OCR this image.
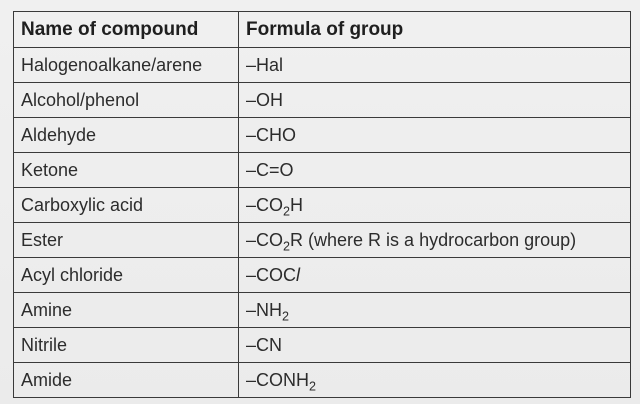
Name of compound	Formula of group
Halogenoalkane/arene	–Hal
Alcohol/phenol	–OH
Aldehyde	–CHO
Ketone	–C=O
Carboxylic acid	$-CO_2H$
Ester	$-CO_2R$ (where R is a hydrocarbon group)
Acyl chloride	–COCl
Amine	$-NH_2$
Nitrile	–CN
Amide	$-CONH_2$
